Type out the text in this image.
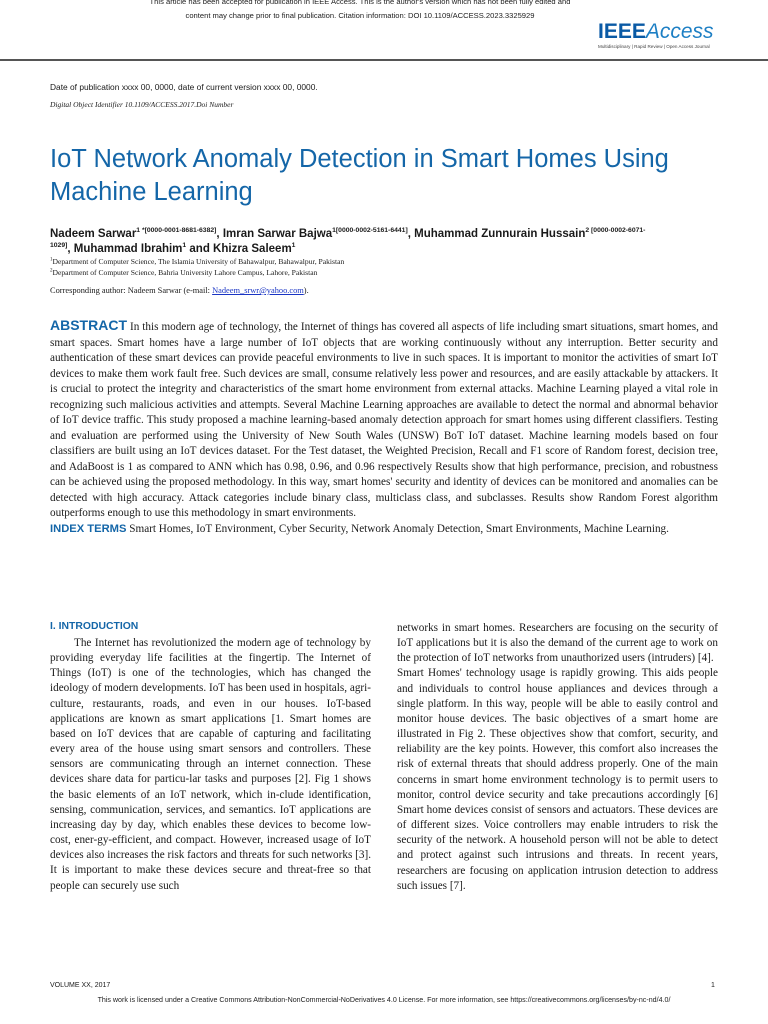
This article has been accepted for publication in IEEE Access. This is the author's version which has not been fully edited and
content may change prior to final publication. Citation information: DOI 10.1109/ACCESS.2023.3325929
IEEEAccess
Multidisciplinary | Rapid Review | Open Access Journal
Date of publication xxxx 00, 0000, date of current version xxxx 00, 0000.
Digital Object Identifier 10.1109/ACCESS.2017.Doi Number
IoT Network Anomaly Detection in Smart Homes Using Machine Learning
Nadeem Sarwar$^{1 *[0000-0001-8681-6382]}$, Imran Sarwar Bajwa$^{1[0000-0002-5161-6441]}$, Muhammad Zunnurain Hussain$^{2 [0000-0002-6071-1029]}$, Muhammad Ibrahim$^1$ and Khizra Saleem$^1$
$^1$Department of Computer Science, The Islamia University of Bahawalpur, Bahawalpur, Pakistan
$^2$Department of Computer Science, Bahria University Lahore Campus, Lahore, Pakistan
Corresponding author: Nadeem Sarwar (e-mail: Nadeem_srwr@yahoo.com).
ABSTRACT In this modern age of technology, the Internet of things has covered all aspects of life including smart situations, smart homes, and smart spaces. Smart homes have a large number of IoT objects that are working continuously without any interruption. Better security and authentication of these smart devices can provide peaceful environments to live in such spaces. It is important to monitor the activities of smart IoT devices to make them work fault free. Such devices are small, consume relatively less power and resources, and are easily attackable by attackers. It is crucial to protect the integrity and characteristics of the smart home environment from external attacks. Machine Learning played a vital role in recognizing such malicious activities and attempts. Several Machine Learning approaches are available to detect the normal and abnormal behavior of IoT device traffic. This study proposed a machine learning-based anomaly detection approach for smart homes using different classifiers. Testing and evaluation are performed using the University of New South Wales (UNSW) BoT IoT dataset. Machine learning models based on four classifiers are built using an IoT devices dataset. For the Test dataset, the Weighted Precision, Recall and F1 score of Random forest, decision tree, and AdaBoost is 1 as compared to ANN which has 0.98, 0.96, and 0.96 respectively Results show that high performance, precision, and robustness can be achieved using the proposed methodology. In this way, smart homes' security and identity of devices can be monitored and anomalies can be detected with high accuracy. Attack categories include binary class, multiclass class, and subclasses. Results show Random Forest algorithm outperforms enough to use this methodology in smart environments.
INDEX TERMS Smart Homes, IoT Environment, Cyber Security, Network Anomaly Detection, Smart Environments, Machine Learning.
I. INTRODUCTION

The Internet has revolutionized the modern age of technology by providing everyday life facilities at the fingertip. The Internet of Things (IoT) is one of the technologies, which has changed the ideology of modern developments. IoT has been used in hospitals, agri-culture, restaurants, roads, and even in our houses. IoT-based applications are known as smart applications [1. Smart homes are based on IoT devices that are capable of capturing and facilitating every area of the house using smart sensors and controllers. These sensors are communicating through an internet connection. These devices share data for particu-lar tasks and purposes [2]. Fig 1 shows the basic elements of an IoT network, which in-clude identification, sensing, communication, services, and semantics. IoT applications are increasing day by day, which enables these devices to become low-cost, ener-gy-efficient, and compact. However, increased usage of IoT devices also increases the risk factors and threats for such networks [3]. It is important to make these devices secure and threat-free so that people can securely use such

networks in smart homes. Researchers are focusing on the security of IoT applications but it is also the demand of the current age to work on the protection of IoT networks from unauthorized users (intruders) [4].

Smart Homes' technology usage is rapidly growing. This aids people and individuals to control house appliances and devices through a single platform. In this way, people will be able to easily control and monitor house devices. The basic objectives of a smart home are illustrated in Fig 2. These objectives show that comfort, security, and reliability are the key points. However, this comfort also increases the risk of external threats that should address properly. One of the main concerns in smart home environment technology is to permit users to monitor, control device security and take precautions accordingly [6] Smart home devices consist of sensors and actuators. These devices are of different sizes. Voice controllers may enable intruders to risk the security of the network. A household person will not be able to detect and protect against such intrusions and threats. In recent years, researchers are focusing on application intrusion detection to address such issues [7].

VOLUME XX, 2017	1
This work is licensed under a Creative Commons Attribution-NonCommercial-NoDerivatives 4.0 License. For more information, see https://creativecommons.org/licenses/by-nc-nd/4.0/
